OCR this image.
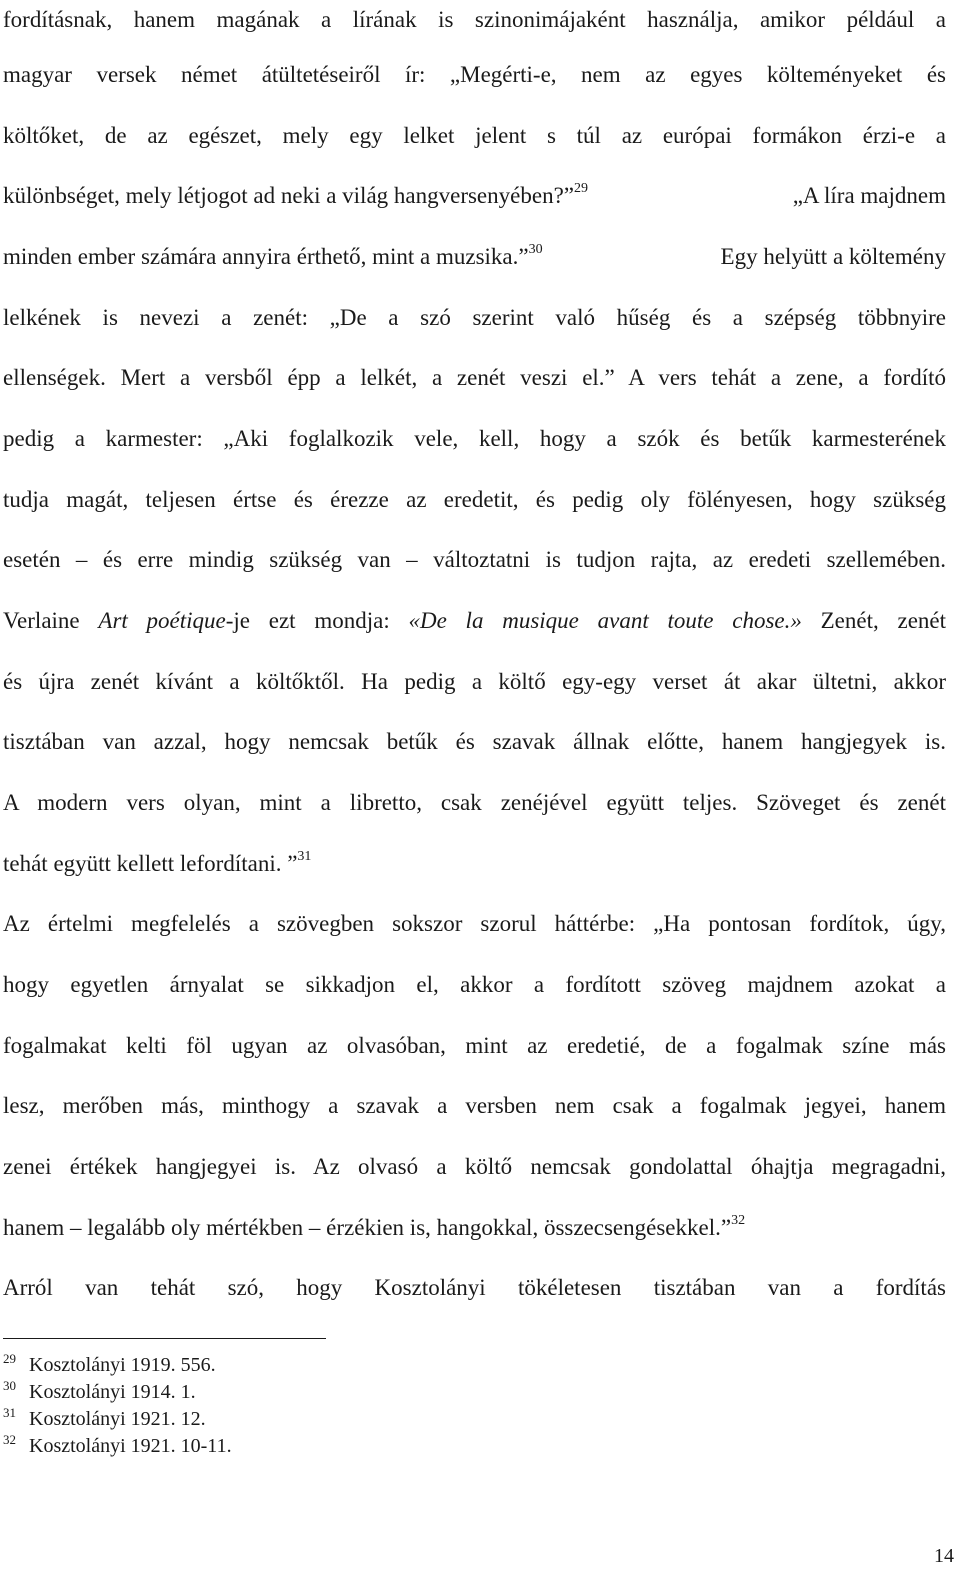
fordításnak, hanem magának a lírának is szinonimájaként használja, amikor például a
magyar versek német átültetéseiről ír: „Megérti-e, nem az egyes költeményeket és
költőket, de az egészet, mely egy lelket jelent s túl az európai formákon érzi-e a
különbséget, mely létjogot ad neki a világ hangversenyében?”$^{29}$	„A líra majdnem
minden ember számára annyira érthető, mint a muzsika.”$^{30}$	Egy helyütt a költemény
lelkének is nevezi a zenét: „De a szó szerint való hűség és a szépség többnyire
ellenségek. Mert a versből épp a lelkét, a zenét veszi el.” A vers tehát a zene, a fordító
pedig a karmester: „Aki foglalkozik vele, kell, hogy a szók és betűk karmesterének
tudja magát, teljesen értse és érezze az eredetit, és pedig oly fölényesen, hogy szükség
esetén – és erre mindig szükség van – változtatni is tudjon rajta, az eredeti szellemében.
Verlaine Art poétique-je ezt mondja: «De la musique avant toute chose.» Zenét, zenét
és újra zenét kívánt a költőktől. Ha pedig a költő egy-egy verset át akar ültetni, akkor
tisztában van azzal, hogy nemcsak betűk és szavak állnak előtte, hanem hangjegyek is.
A modern vers olyan, mint a libretto, csak zenéjével együtt teljes. Szöveget és zenét
tehát együtt kellett lefordítani. ”$^{31}$
Az értelmi megfelelés a szövegben sokszor szorul háttérbe: „Ha pontosan fordítok, úgy,
hogy egyetlen árnyalat se sikkadjon el, akkor a fordított szöveg majdnem azokat a
fogalmakat kelti föl ugyan az olvasóban, mint az eredetié, de a fogalmak színe más
lesz, merőben más, minthogy a szavak a versben nem csak a fogalmak jegyei, hanem
zenei értékek hangjegyei is. Az olvasó a költő nemcsak gondolattal óhajtja megragadni,
hanem – legalább oly mértékben – érzékien is, hangokkal, összecsengésekkel.”$^{32}$
Arról van tehát szó, hogy Kosztolányi tökéletesen tisztában van a fordítás
29 Kosztolányi 1919. 556.
30 Kosztolányi 1914. 1.
31 Kosztolányi 1921. 12.
32 Kosztolányi 1921. 10-11.
14
